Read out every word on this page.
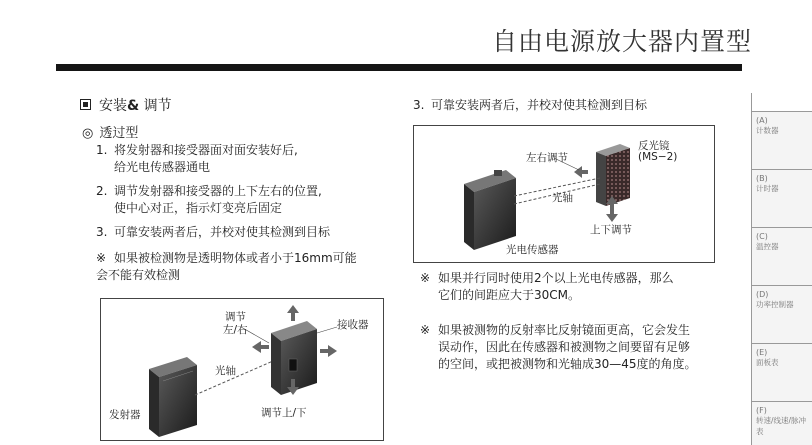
自由电源放大器内置型
安装& 调节
◎ 透过型
1. 将发射器和接受器面对面安装好后,
给光电传感器通电
2. 调节发射器和接受器的上下左右的位置,
使中心对正，指示灯变亮后固定
3. 可靠安装两者后，并校对使其检测到目标
※ 如果被检测物是透明物体或者小于16mm可能
会不能有效检测
调节
左/右	接收器
光轴
发射器	调节上/下
3. 可靠安装两者后，并校对使其检测到目标
左右调节
反光镜
(MS−2)
光轴
上下调节
光电传感器
※ 如果并行同时使用2个以上光电传感器，那么
它们的间距应大于30CM。
※ 如果被测物的反射率比反射镜面更高，它会发生
误动作，因此在传感器和被测物之间要留有足够
的空间，或把被测物和光轴成30—45度的角度。
(A)
计数器
(B)
计时器
(C)
温控器
(D)
功率控制器
(E)
面板表
(F)
转速/线速/脉冲表
